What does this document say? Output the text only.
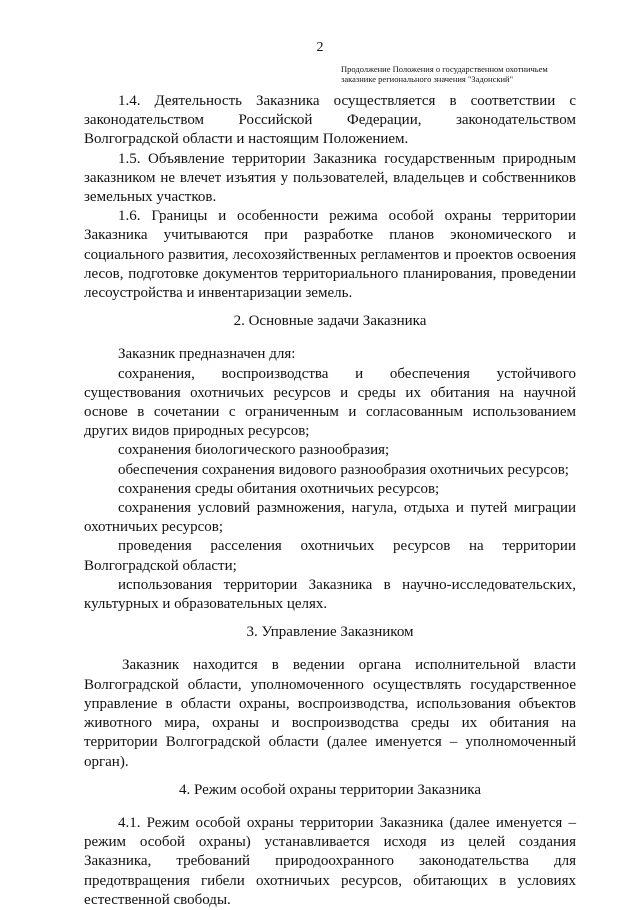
2
Продолжение Положения о государственном охотничьем
заказнике регионального значения "Задонский"

1.4. Деятельность Заказника осуществляется в соответствии с законодательством Российской Федерации, законодательством Волгоградской области и настоящим Положением.

1.5. Объявление территории Заказника государственным природным заказником не влечет изъятия у пользователей, владельцев и собственников земельных участков.

1.6. Границы и особенности режима особой охраны территории Заказника учитываются при разработке планов экономического и социального развития, лесохозяйственных регламентов и проектов освоения лесов, подготовке документов территориального планирования, проведении лесоустройства и инвентаризации земель.

2. Основные задачи Заказника

Заказник предназначен для:

сохранения, воспроизводства и обеспечения устойчивого существования охотничьих ресурсов и среды их обитания на научной основе в сочетании с ограниченным и согласованным использованием других видов природных ресурсов;

сохранения биологического разнообразия;

обеспечения сохранения видового разнообразия охотничьих ресурсов;

сохранения среды обитания охотничьих ресурсов;

сохранения условий размножения, нагула, отдыха и путей миграции охотничьих ресурсов;

проведения расселения охотничьих ресурсов на территории Волгоградской области;

использования территории Заказника в научно-исследовательских, культурных и образовательных целях.

3. Управление Заказником

Заказник находится в ведении органа исполнительной власти Волгоградской области, уполномоченного осуществлять государственное управление в области охраны, воспроизводства, использования объектов животного мира, охраны и воспроизводства среды их обитания на территории Волгоградской области (далее именуется – уполномоченный орган).

4. Режим особой охраны территории Заказника

4.1. Режим особой охраны территории Заказника (далее именуется – режим особой охраны) устанавливается исходя из целей создания Заказника, требований природоохранного законодательства для предотвращения гибели охотничьих ресурсов, обитающих в условиях естественной свободы.
